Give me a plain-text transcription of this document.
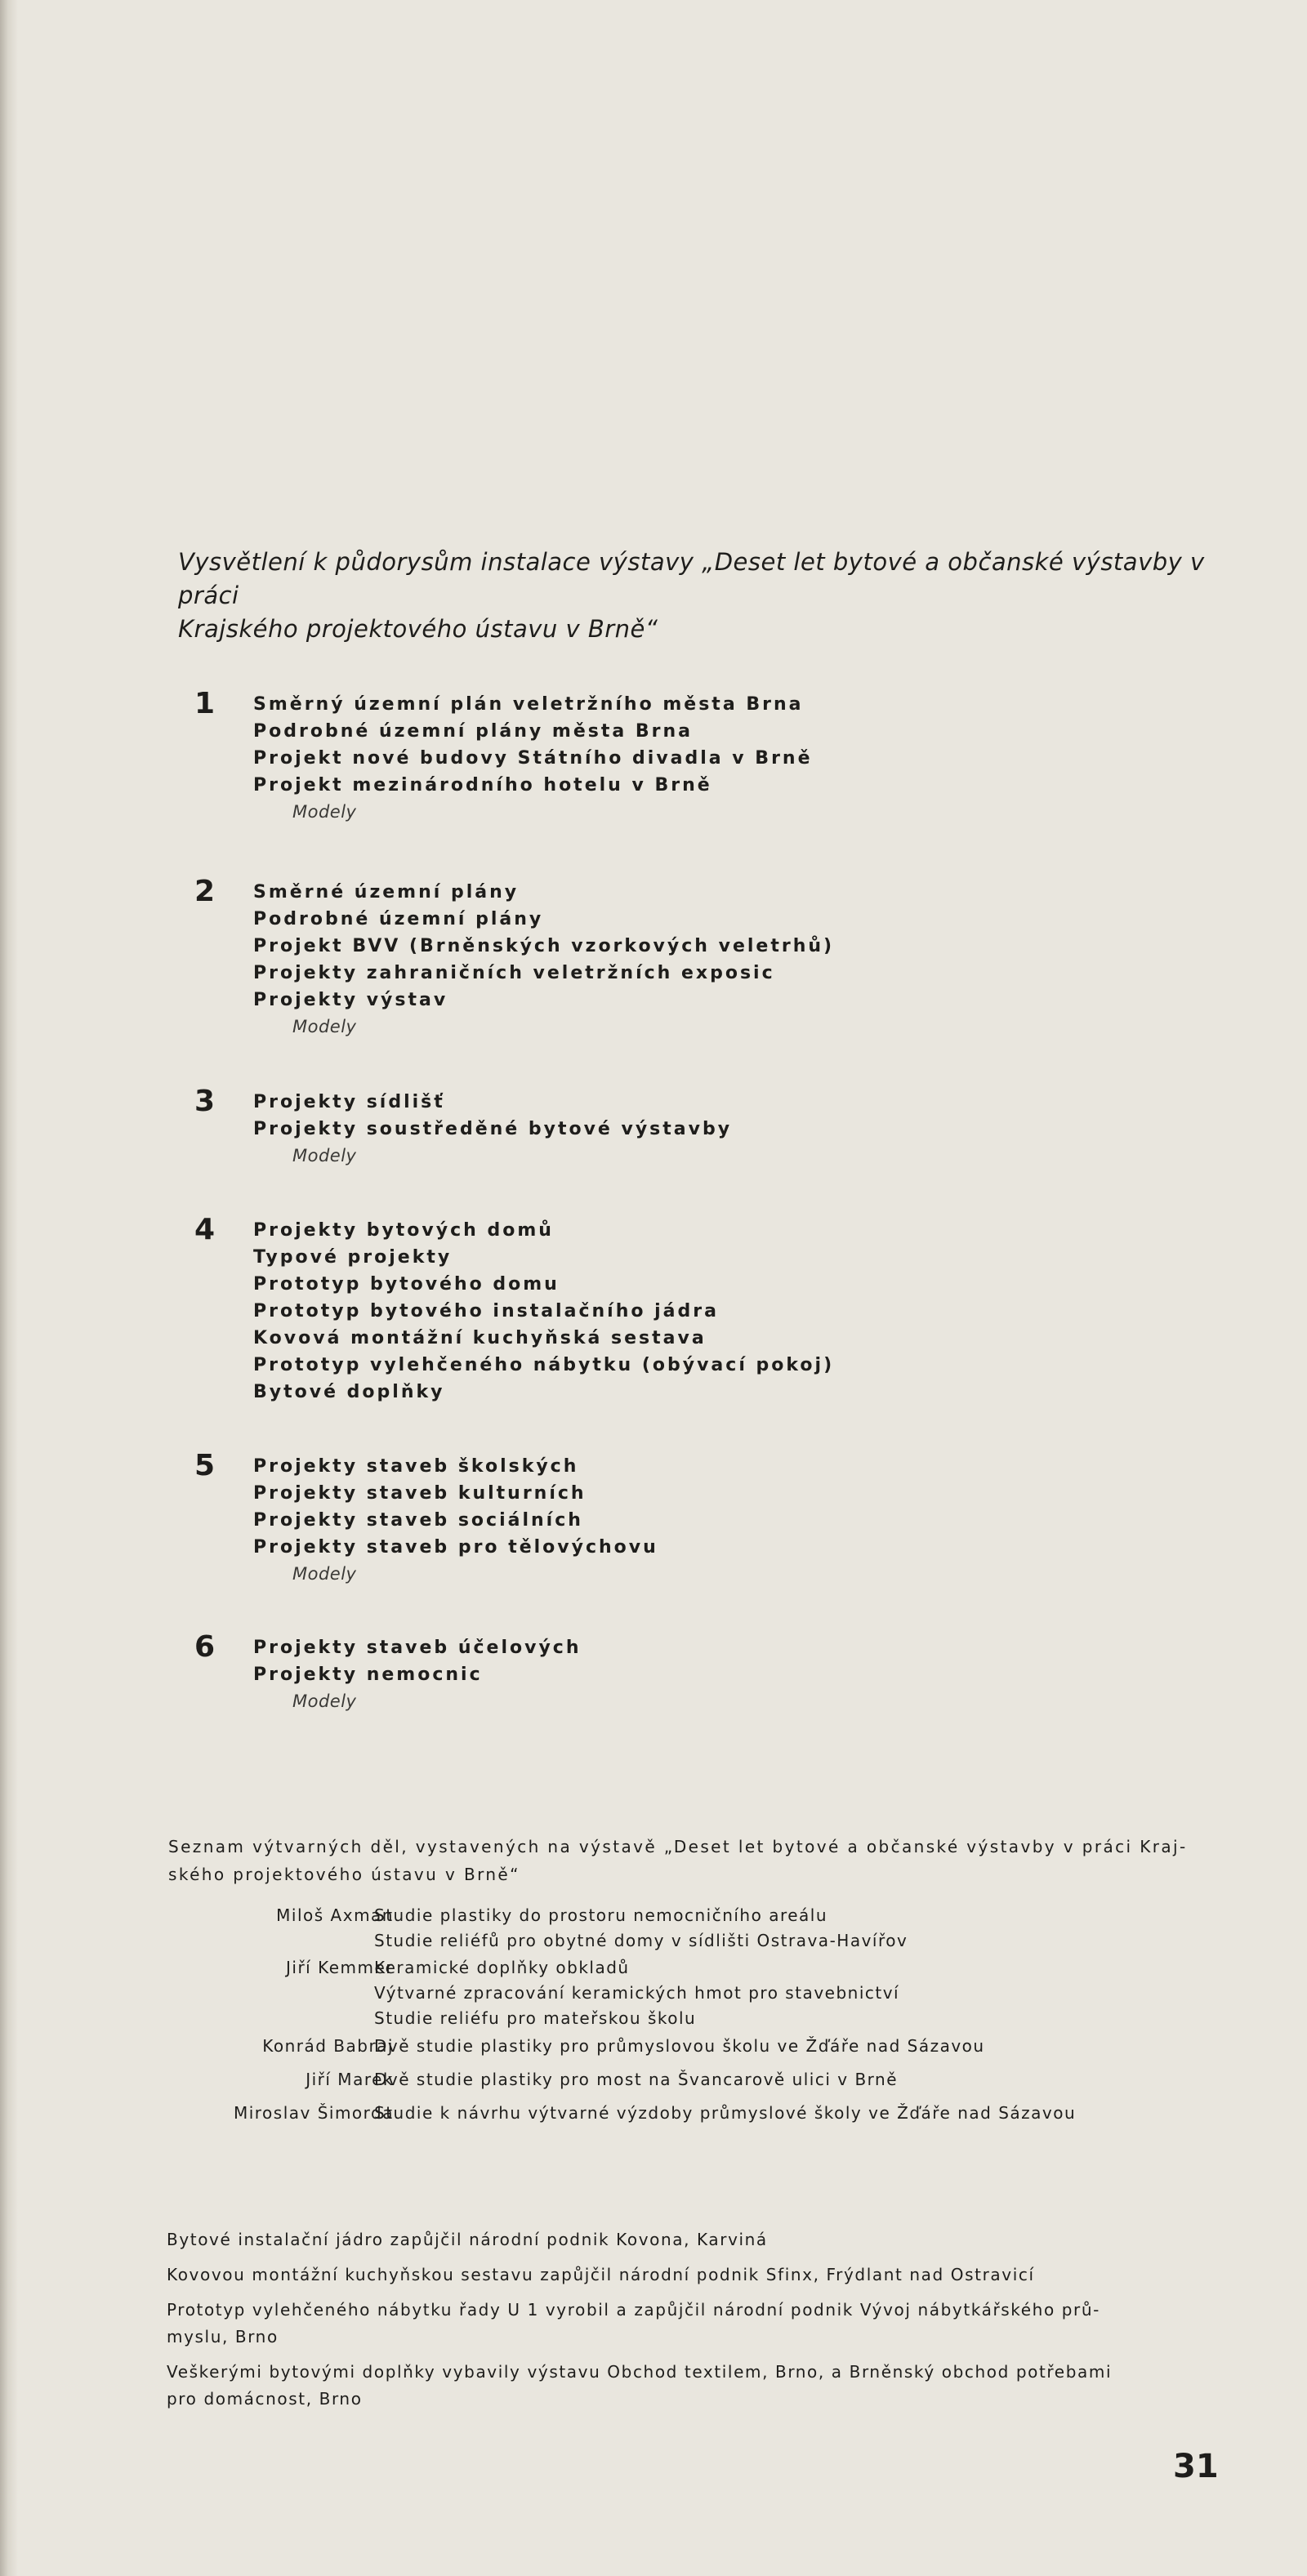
Vysvětlení k půdorysům instalace výstavy „Deset let bytové a občanské výstavby v práci
Krajského projektového ústavu v Brně“
1 Směrný územní plán veletržního města Brna
Podrobné územní plány města Brna
Projekt nové budovy Státního divadla v Brně
Projekt mezinárodního hotelu v Brně
Modely
2 Směrné územní plány
Podrobné územní plány
Projekt BVV (Brněnských vzorkových veletrhů)
Projekty zahraničních veletržních exposic
Projekty výstav
Modely
3 Projekty sídlišť
Projekty soustředěné bytové výstavby
Modely
4 Projekty bytových domů
Typové projekty
Prototyp bytového domu
Prototyp bytového instalačního jádra
Kovová montážní kuchyňská sestava
Prototyp vylehčeného nábytku (obývací pokoj)
Bytové doplňky
5 Projekty staveb školských
Projekty staveb kulturních
Projekty staveb sociálních
Projekty staveb pro tělovýchovu
Modely
6 Projekty staveb účelových
Projekty nemocnic
Modely
Seznam výtvarných děl, vystavených na výstavě „Deset let bytové a občanské výstavby v práci Kraj-
ského projektového ústavu v Brně“
Miloš Axman
Studie plastiky do prostoru nemocničního areálu
Studie reliéfů pro obytné domy v sídlišti Ostrava-Havířov
Jiří Kemmer
Keramické doplňky obkladů
Výtvarné zpracování keramických hmot pro stavebnictví
Studie reliéfu pro mateřskou školu
Konrád Babraj
Dvě studie plastiky pro průmyslovou školu ve Žďáře nad Sázavou
Jiří Marek
Dvě studie plastiky pro most na Švancarově ulici v Brně
Miroslav Šimorda
Studie k návrhu výtvarné výzdoby průmyslové školy ve Žďáře nad Sázavou
Bytové instalační jádro zapůjčil národní podnik Kovona, Karviná
Kovovou montážní kuchyňskou sestavu zapůjčil národní podnik Sfinx, Frýdlant nad Ostravicí
Prototyp vylehčeného nábytku řady U 1 vyrobil a zapůjčil národní podnik Vývoj nábytkářského prů-
myslu, Brno
Veškerými bytovými doplňky vybavily výstavu Obchod textilem, Brno, a Brněnský obchod potřebami
pro domácnost, Brno
31
